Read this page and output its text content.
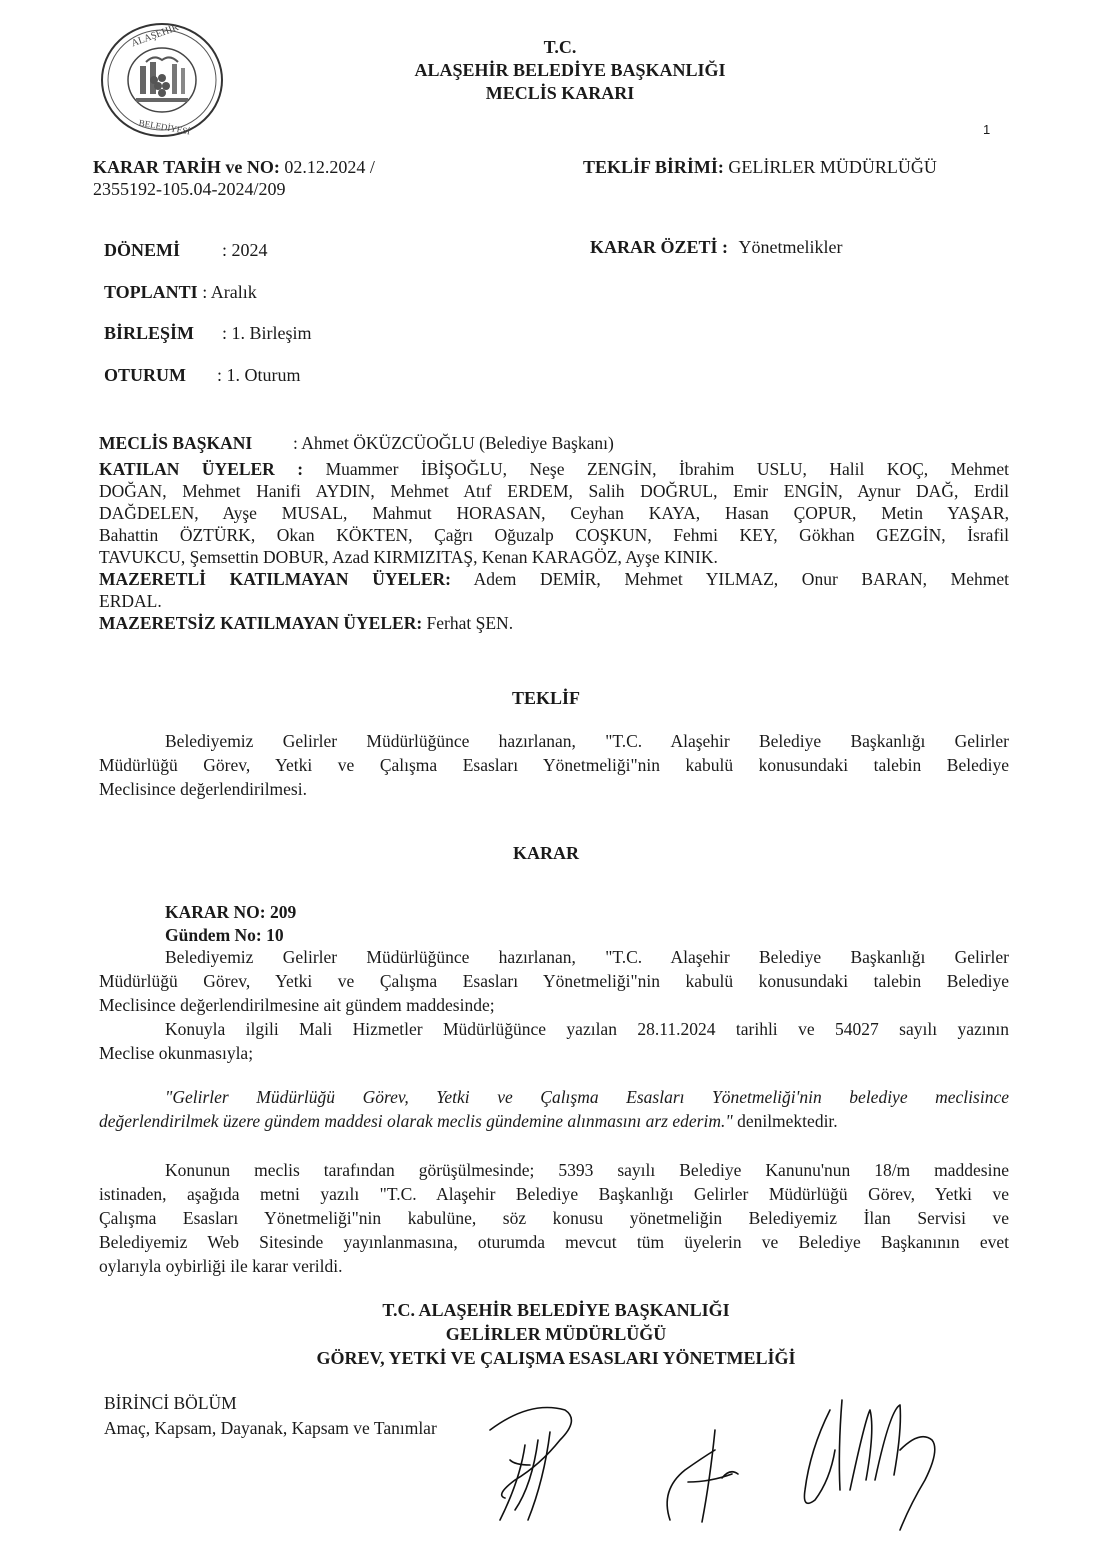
ALAŞEHİR
BELEDİYESİ
T.C.
ALAŞEHİR BELEDİYE BAŞKANLIĞI
MECLİS KARARI
1
KARAR TARİH ve NO: 02.12.2024 /
2355192-105.04-2024/209
TEKLİF BİRİMİ: GELİRLER MÜDÜRLÜĞÜ
DÖNEMİ : 2024	KARAR ÖZETİ : Yönetmelikler
TOPLANTI : Aralık
BİRLEŞİM : 1. Birleşim
OTURUM : 1. Oturum
MECLİS BAŞKANI : Ahmet ÖKÜZCÜOĞLU (Belediye Başkanı)
KATILAN ÜYELER : Muammer İBİŞOĞLU, Neşe ZENGİN, İbrahim USLU, Halil KOÇ, Mehmet
DOĞAN, Mehmet Hanifi AYDIN, Mehmet Atıf ERDEM, Salih DOĞRUL, Emir ENGİN, Aynur DAĞ, Erdil
DAĞDELEN, Ayşe MUSAL, Mahmut HORASAN, Ceyhan KAYA, Hasan ÇOPUR, Metin YAŞAR,
Bahattin ÖZTÜRK, Okan KÖKTEN, Çağrı Oğuzalp COŞKUN, Fehmi KEY, Gökhan GEZGİN, İsrafil
TAVUKCU, Şemsettin DOBUR, Azad KIRMIZITAŞ, Kenan KARAGÖZ, Ayşe KINIK.
MAZERETLİ KATILMAYAN ÜYELER: Adem DEMİR, Mehmet YILMAZ, Onur BARAN, Mehmet
ERDAL.
MAZERETSİZ KATILMAYAN ÜYELER: Ferhat ŞEN.
TEKLİF
Belediyemiz Gelirler Müdürlüğünce hazırlanan, "T.C. Alaşehir Belediye Başkanlığı Gelirler
Müdürlüğü Görev, Yetki ve Çalışma Esasları Yönetmeliği"nin kabulü konusundaki talebin Belediye
Meclisince değerlendirilmesi.
KARAR
KARAR NO: 209
Gündem No: 10
Belediyemiz Gelirler Müdürlüğünce hazırlanan, "T.C. Alaşehir Belediye Başkanlığı Gelirler
Müdürlüğü Görev, Yetki ve Çalışma Esasları Yönetmeliği"nin kabulü konusundaki talebin Belediye
Meclisince değerlendirilmesine ait gündem maddesinde;
Konuyla ilgili Mali Hizmetler Müdürlüğünce yazılan 28.11.2024 tarihli ve 54027 sayılı yazının
Meclise okunmasıyla;
"Gelirler Müdürlüğü Görev, Yetki ve Çalışma Esasları Yönetmeliği'nin belediye meclisince
değerlendirilmek üzere gündem maddesi olarak meclis gündemine alınmasını arz ederim." denilmektedir.
Konunun meclis tarafından görüşülmesinde; 5393 sayılı Belediye Kanunu'nun 18/m maddesine
istinaden, aşağıda metni yazılı "T.C. Alaşehir Belediye Başkanlığı Gelirler Müdürlüğü Görev, Yetki ve
Çalışma Esasları Yönetmeliği"nin kabulüne, söz konusu yönetmeliğin Belediyemiz İlan Servisi ve
Belediyemiz Web Sitesinde yayınlanmasına, oturumda mevcut tüm üyelerin ve Belediye Başkanının evet
oylarıyla oybirliği ile karar verildi.
T.C. ALAŞEHİR BELEDİYE BAŞKANLIĞI
GELİRLER MÜDÜRLÜĞÜ
GÖREV, YETKİ VE ÇALIŞMA ESASLARI YÖNETMELİĞİ
BİRİNCİ BÖLÜM
Amaç, Kapsam, Dayanak, Kapsam ve Tanımlar
